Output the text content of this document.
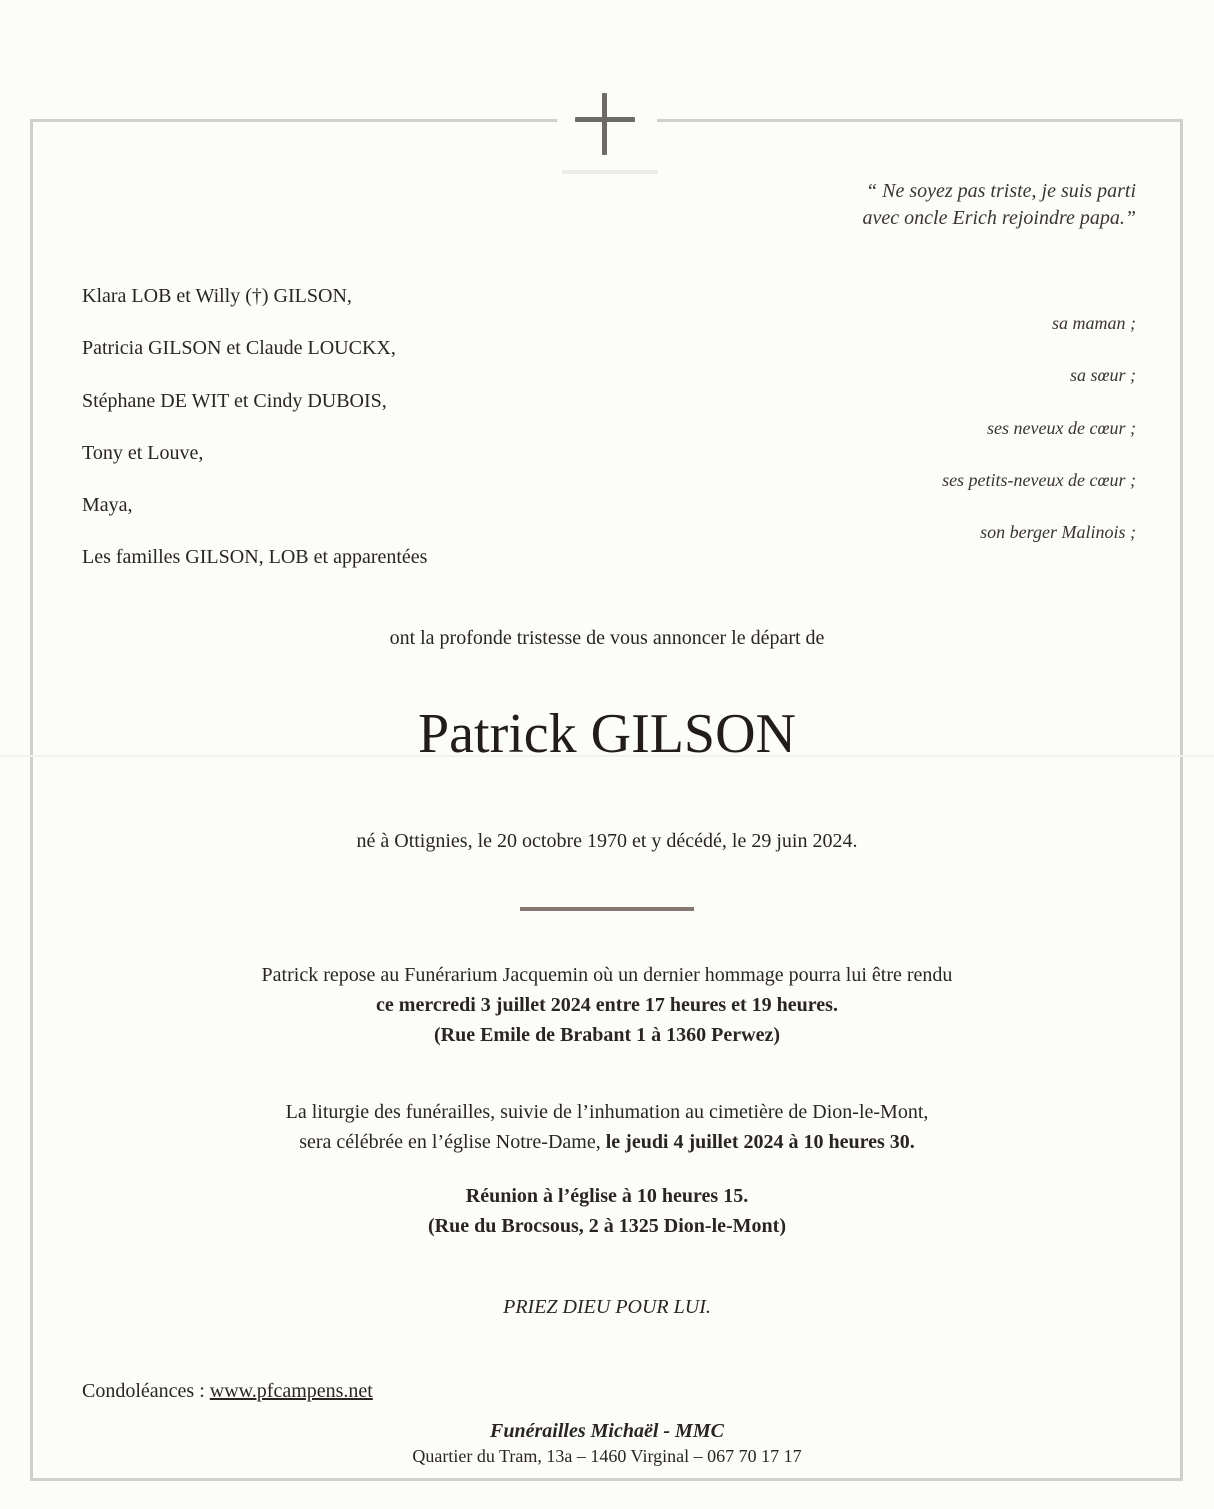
“ Ne soyez pas triste, je suis parti
avec oncle Erich rejoindre papa.”
Klara LOB et Willy (†) GILSON,
Patricia GILSON et Claude LOUCKX,
Stéphane DE WIT et Cindy DUBOIS,
Tony et Louve,
Maya,
Les familles GILSON, LOB et apparentées
sa maman ;
sa sœur ;
ses neveux de cœur ;
ses petits-neveux de cœur ;
son berger Malinois ;
ont la profonde tristesse de vous annoncer le départ de
Patrick GILSON
né à Ottignies, le 20 octobre 1970 et y décédé, le 29 juin 2024.
Patrick repose au Funérarium Jacquemin où un dernier hommage pourra lui être rendu
ce mercredi 3 juillet 2024 entre 17 heures et 19 heures.
(Rue Emile de Brabant 1 à 1360 Perwez)
La liturgie des funérailles, suivie de l’inhumation au cimetière de Dion-le-Mont,
sera célébrée en l’église Notre-Dame, le jeudi 4 juillet 2024 à 10 heures 30.
Réunion à l’église à 10 heures 15.
(Rue du Brocsous, 2 à 1325 Dion-le-Mont)
PRIEZ DIEU POUR LUI.
Condoléances : www.pfcampens.net
Funérailles Michaël - MMC
Quartier du Tram, 13a – 1460 Virginal – 067 70 17 17
